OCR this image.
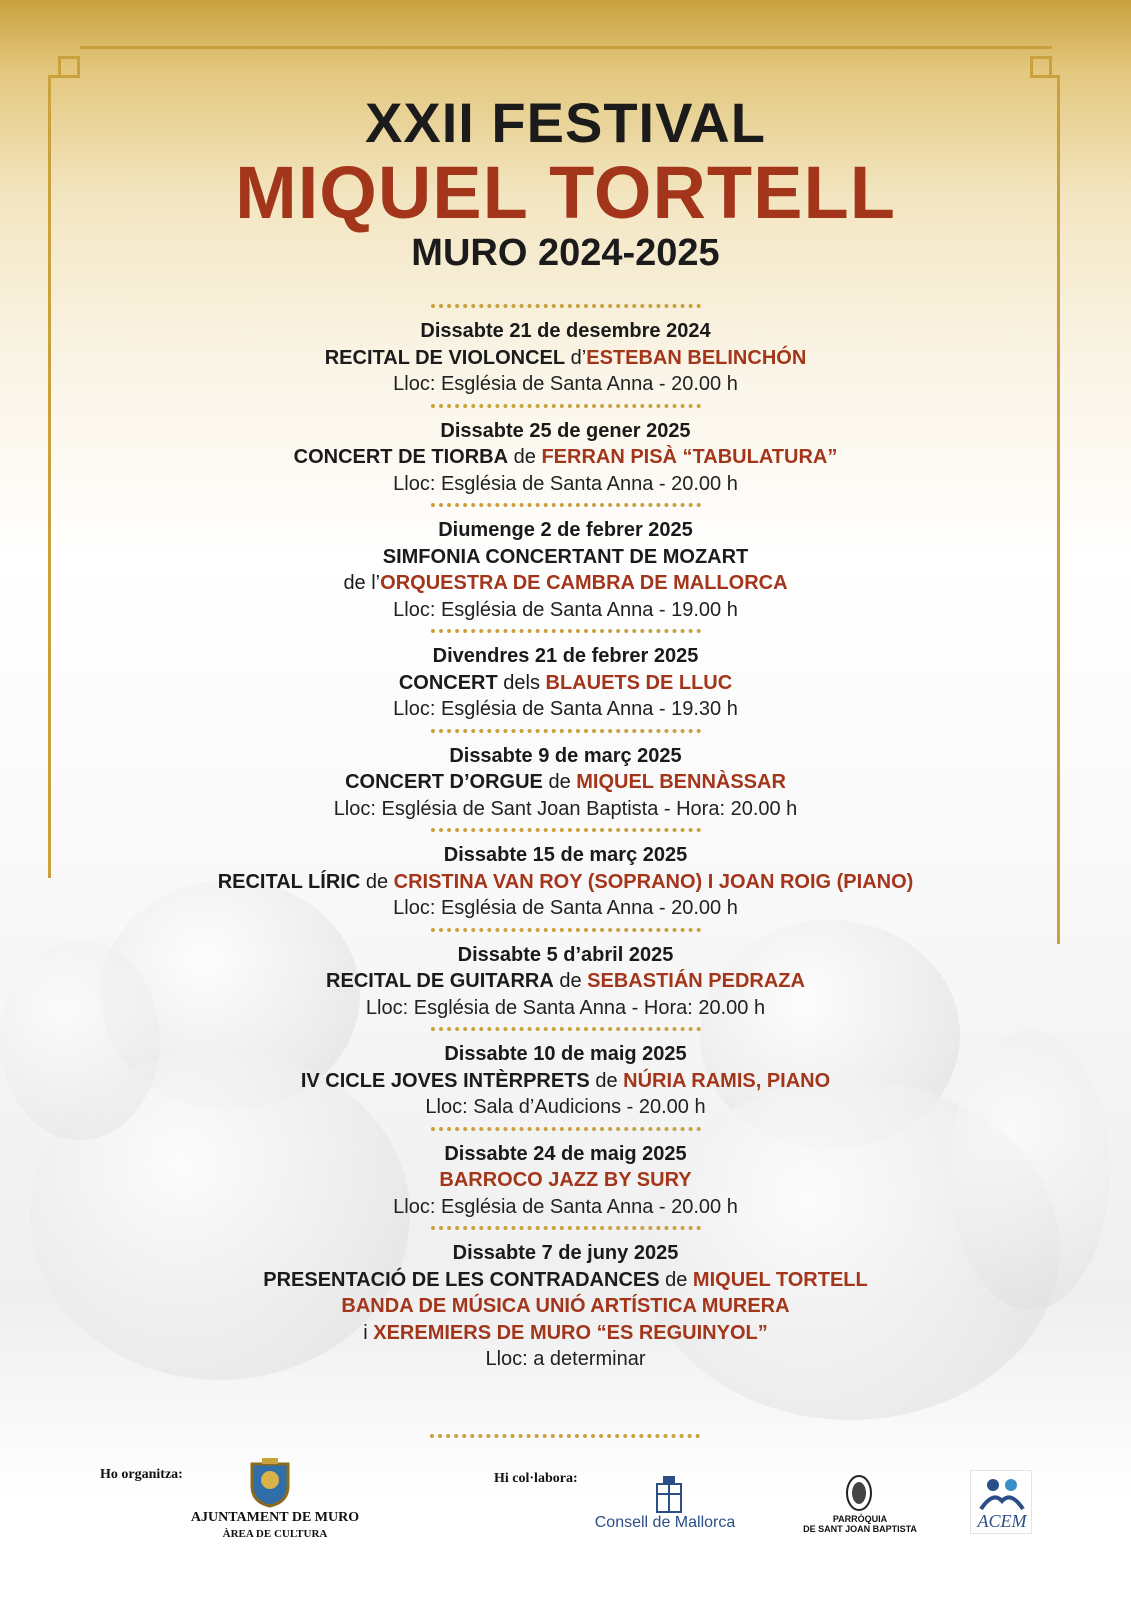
XXII FESTIVAL
MIQUEL TORTELL
MURO 2024-2025
Dissabte 21 de desembre 2024
RECITAL DE VIOLONCEL d’ESTEBAN BELINCHÓN
Lloc: Església de Santa Anna - 20.00 h
Dissabte 25 de gener 2025
CONCERT DE TIORBA de FERRAN PISÀ “TABULATURA”
Lloc: Església de Santa Anna - 20.00 h
Diumenge 2 de febrer 2025
SIMFONIA CONCERTANT DE MOZART
de l’ORQUESTRA DE CAMBRA DE MALLORCA
Lloc: Església de Santa Anna - 19.00 h
Divendres 21 de febrer 2025
CONCERT dels BLAUETS DE LLUC
Lloc: Església de Santa Anna - 19.30 h
Dissabte 9 de març 2025
CONCERT D’ORGUE de MIQUEL BENNÀSSAR
Lloc: Església de Sant Joan Baptista - Hora: 20.00 h
Dissabte 15 de març 2025
RECITAL LÍRIC de CRISTINA VAN ROY (SOPRANO) I JOAN ROIG (PIANO)
Lloc: Església de Santa Anna - 20.00 h
Dissabte 5 d’abril 2025
RECITAL DE GUITARRA de SEBASTIÁN PEDRAZA
Lloc: Església de Santa Anna - Hora: 20.00 h
Dissabte 10 de maig 2025
IV CICLE JOVES INTÈRPRETS de NÚRIA RAMIS, PIANO
Lloc: Sala d’Audicions - 20.00 h
Dissabte 24 de maig 2025
BARROCO JAZZ BY SURY
Lloc: Església de Santa Anna - 20.00 h
Dissabte 7 de juny 2025
PRESENTACIÓ DE LES CONTRADANCES de MIQUEL TORTELL
BANDA DE MÚSICA UNIÓ ARTÍSTICA MURERA
i XEREMIERS DE MURO “ES REGUINYOL”
Lloc: a determinar
Ho organitza:
AJUNTAMENT DE MURO
ÀREA DE CULTURA
Hi col·labora:
Consell de Mallorca	PARRÒQUIA
DE SANT JOAN BAPTISTA	ACEM
